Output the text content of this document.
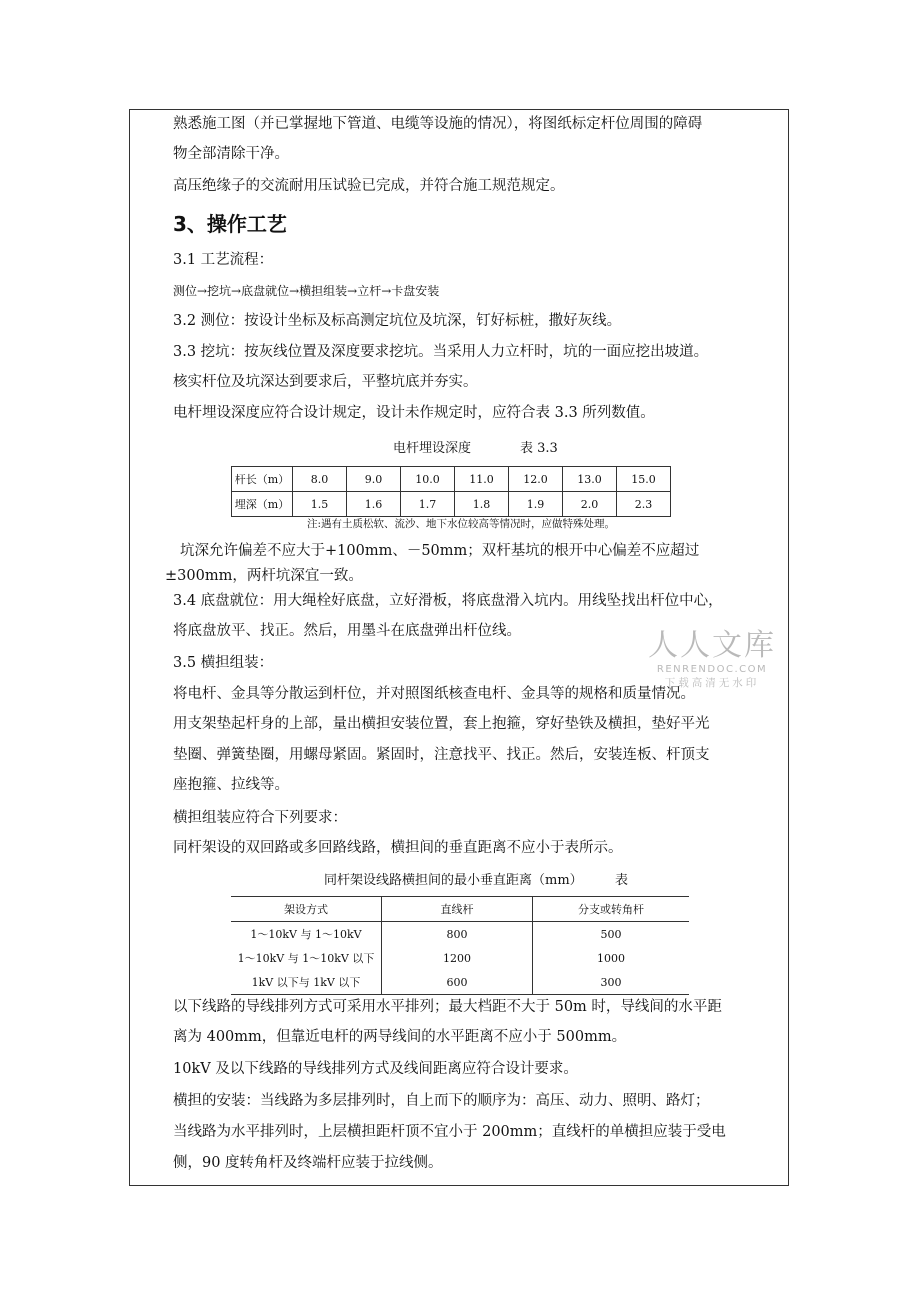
熟悉施工图（并已掌握地下管道、电缆等设施的情况），将图纸标定杆位周围的障碍
物全部清除干净。
高压绝缘子的交流耐用压试验已完成，并符合施工规范规定。
3、操作工艺
3.1 工艺流程：
测位→挖坑→底盘就位→横担组装→立杆→卡盘安装
3.2 测位：按设计坐标及标高测定坑位及坑深，钉好标桩，撒好灰线。
3.3 挖坑：按灰线位置及深度要求挖坑。当采用人力立杆时，坑的一面应挖出坡道。
核实杆位及坑深达到要求后，平整坑底并夯实。
电杆埋设深度应符合设计规定，设计未作规定时，应符合表 3.3 所列数值。
电杆埋设深度	表 3.3
杆长（m）	8.0	9.0	10.0	11.0	12.0	13.0	15.0
埋深（m）	1.5	1.6	1.7	1.8	1.9	2.0	2.3
注:遇有土质松软、流沙、地下水位较高等情况时，应做特殊处理。
坑深允许偏差不应大于+100mm、－50mm；双杆基坑的根开中心偏差不应超过
±300mm，两杆坑深宜一致。
3.4 底盘就位：用大绳栓好底盘，立好滑板，将底盘滑入坑内。用线坠找出杆位中心，
将底盘放平、找正。然后，用墨斗在底盘弹出杆位线。
3.5 横担组装：
将电杆、金具等分散运到杆位，并对照图纸核查电杆、金具等的规格和质量情况。
用支架垫起杆身的上部，量出横担安装位置，套上抱箍，穿好垫铁及横担，垫好平光
垫圈、弹簧垫圈，用螺母紧固。紧固时，注意找平、找正。然后，安装连板、杆顶支
座抱箍、拉线等。
横担组装应符合下列要求：
同杆架设的双回路或多回路线路，横担间的垂直距离不应小于表所示。
同杆架设线路横担间的最小垂直距离（mm） 表
架设方式	直线杆	分支或转角杆
1～10kV 与 1～10kV	800	500
1～10kV 与 1～10kV 以下	1200	1000
1kV 以下与 1kV 以下	600	300
以下线路的导线排列方式可采用水平排列；最大档距不大于 50m 时，导线间的水平距
离为 400mm，但靠近电杆的两导线间的水平距离不应小于 500mm。
10kV 及以下线路的导线排列方式及线间距离应符合设计要求。
横担的安装：当线路为多层排列时，自上而下的顺序为：高压、动力、照明、路灯；
当线路为水平排列时，上层横担距杆顶不宜小于 200mm；直线杆的单横担应装于受电
侧，90 度转角杆及终端杆应装于拉线侧。
人人文库
RENRENDOC.COM
下载高清无水印
